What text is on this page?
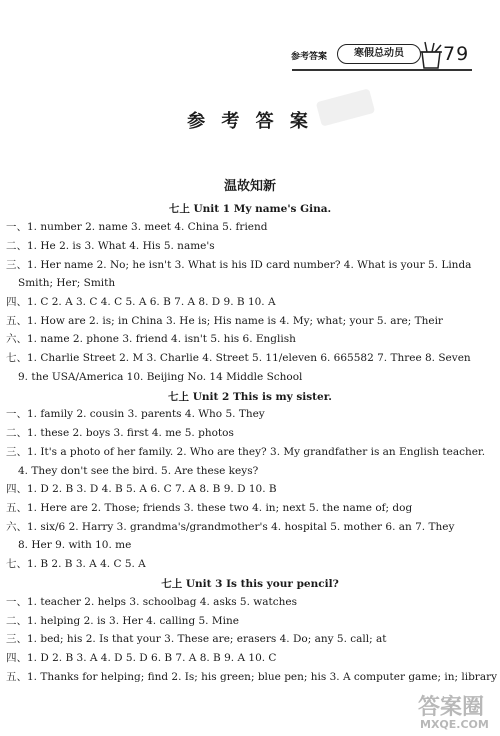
参考答案	寒假总动员	79
参 考 答 案
温故知新
七上 Unit 1 My name's Gina.
一、1. number 2. name 3. meet 4. China 5. friend
二、1. He 2. is 3. What 4. His 5. name's
三、1. Her name 2. No; he isn't 3. What is his ID card number? 4. What is your 5. Linda
Smith; Her; Smith
四、1. C 2. A 3. C 4. C 5. A 6. B 7. A 8. D 9. B 10. A
五、1. How are 2. is; in China 3. He is; His name is 4. My; what; your 5. are; Their
六、1. name 2. phone 3. friend 4. isn't 5. his 6. English
七、1. Charlie Street 2. M 3. Charlie 4. Street 5. 11/eleven 6. 665582 7. Three 8. Seven
9. the USA/America 10. Beijing No. 14 Middle School
七上 Unit 2 This is my sister.
一、1. family 2. cousin 3. parents 4. Who 5. They
二、1. these 2. boys 3. first 4. me 5. photos
三、1. It's a photo of her family. 2. Who are they? 3. My grandfather is an English teacher.
4. They don't see the bird. 5. Are these keys?
四、1. D 2. B 3. D 4. B 5. A 6. C 7. A 8. B 9. D 10. B
五、1. Here are 2. Those; friends 3. these two 4. in; next 5. the name of; dog
六、1. six/6 2. Harry 3. grandma's/grandmother's 4. hospital 5. mother 6. an 7. They
8. Her 9. with 10. me
七、1. B 2. B 3. A 4. C 5. A
七上 Unit 3 Is this your pencil?
一、1. teacher 2. helps 3. schoolbag 4. asks 5. watches
二、1. helping 2. is 3. Her 4. calling 5. Mine
三、1. bed; his 2. Is that your 3. These are; erasers 4. Do; any 5. call; at
四、1. D 2. B 3. A 4. D 5. D 6. B 7. A 8. B 9. A 10. C
五、1. Thanks for helping; find 2. Is; his green; blue pen; his 3. A computer game; in; library
答案圈
MXQE.COM
